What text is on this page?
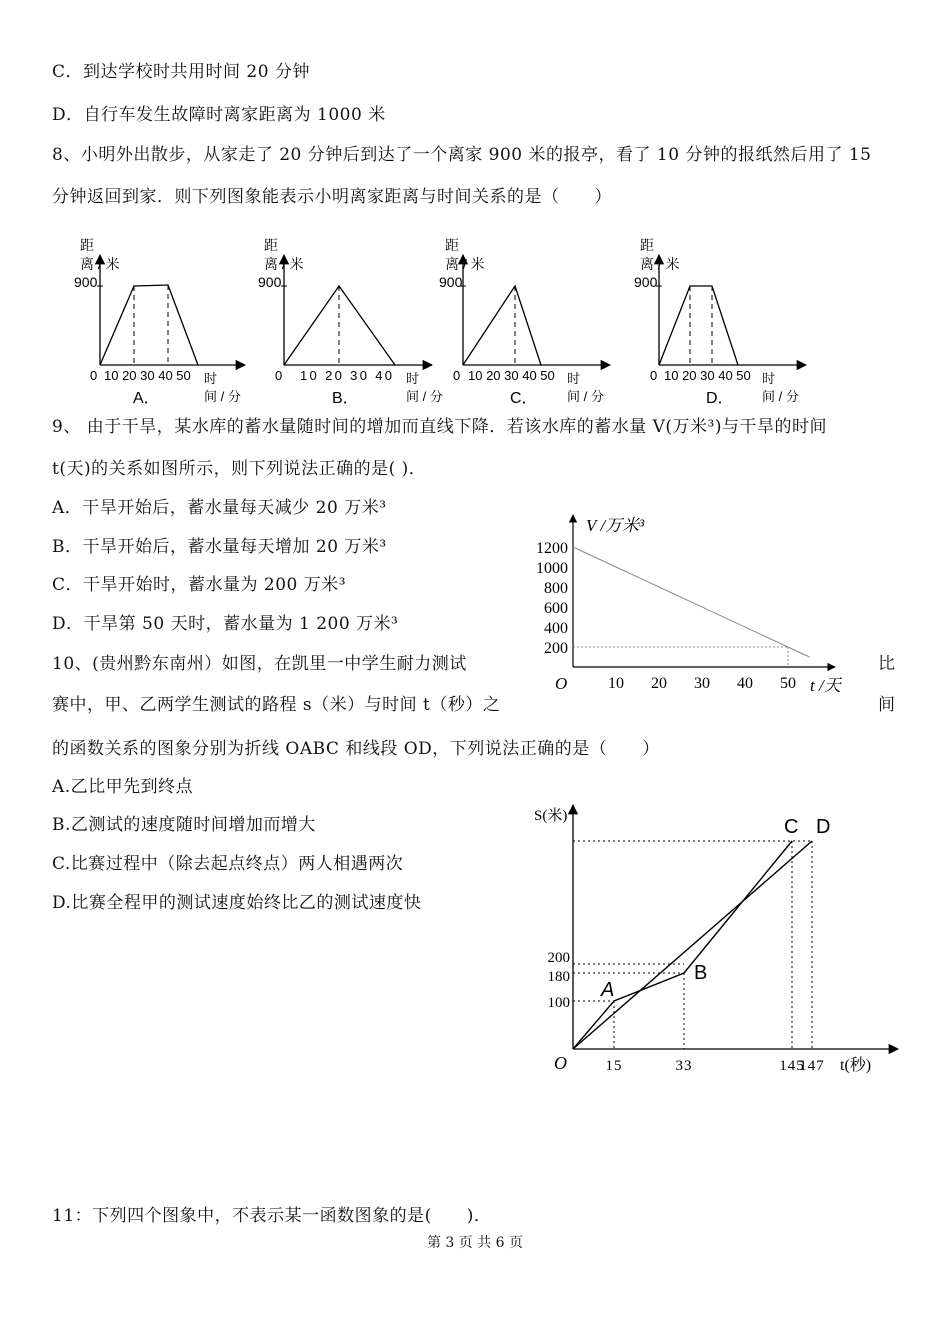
C．到达学校时共用时间 20 分钟
D．自行车发生故障时离家距离为 1000 米
8、小明外出散步，从家走了 20 分钟后到达了一个离家 900 米的报亭，看了 10 分钟的报纸然后用了 15
分钟返回到家．则下列图象能表示小明离家距离与时间关系的是（　　）
距
离 / 米
900
0 10 20 30 40 50 时
间 / 分
A．
距
离 / 米
900
0 10 20 30 40 时
间 / 分
B．
距
离 / 米
900
0 10 20 30 40 50 时
间 / 分
C．
距
离 / 米
900
0 10 20 30 40 50 时
间 / 分
D．
9、 由于干旱，某水库的蓄水量随时间的增加而直线下降．若该水库的蓄水量 V(万米³)与干旱的时间
t(天)的关系如图所示，则下列说法正确的是( )．
A．干旱开始后，蓄水量每天减少 20 万米³
B．干旱开始后，蓄水量每天增加 20 万米³
C．干旱开始时，蓄水量为 200 万米³
D．干旱第 50 天时，蓄水量为 1 200 万米³
V /万米³
O	t /天
1200
1000
800
600
400
200
10 20 30 40 50
10、(贵州黔东南州）如图，在凯里一中学生耐力测试	比
赛中，甲、乙两学生测试的路程 s（米）与时间 t（秒）之	间
的函数关系的图象分别为折线 OABC 和线段 OD，下列说法正确的是（　　）
A.乙比甲先到终点
B.乙测试的速度随时间增加而增大
C.比赛过程中（除去起点终点）两人相遇两次
D.比赛全程甲的测试速度始终比乙的测试速度快
S(米)
O	t(秒)
200
180
100
15	33	145
147
A
B
C D
11：下列四个图象中，不表示某一函数图象的是(　　)．
第 3 页 共 6 页
